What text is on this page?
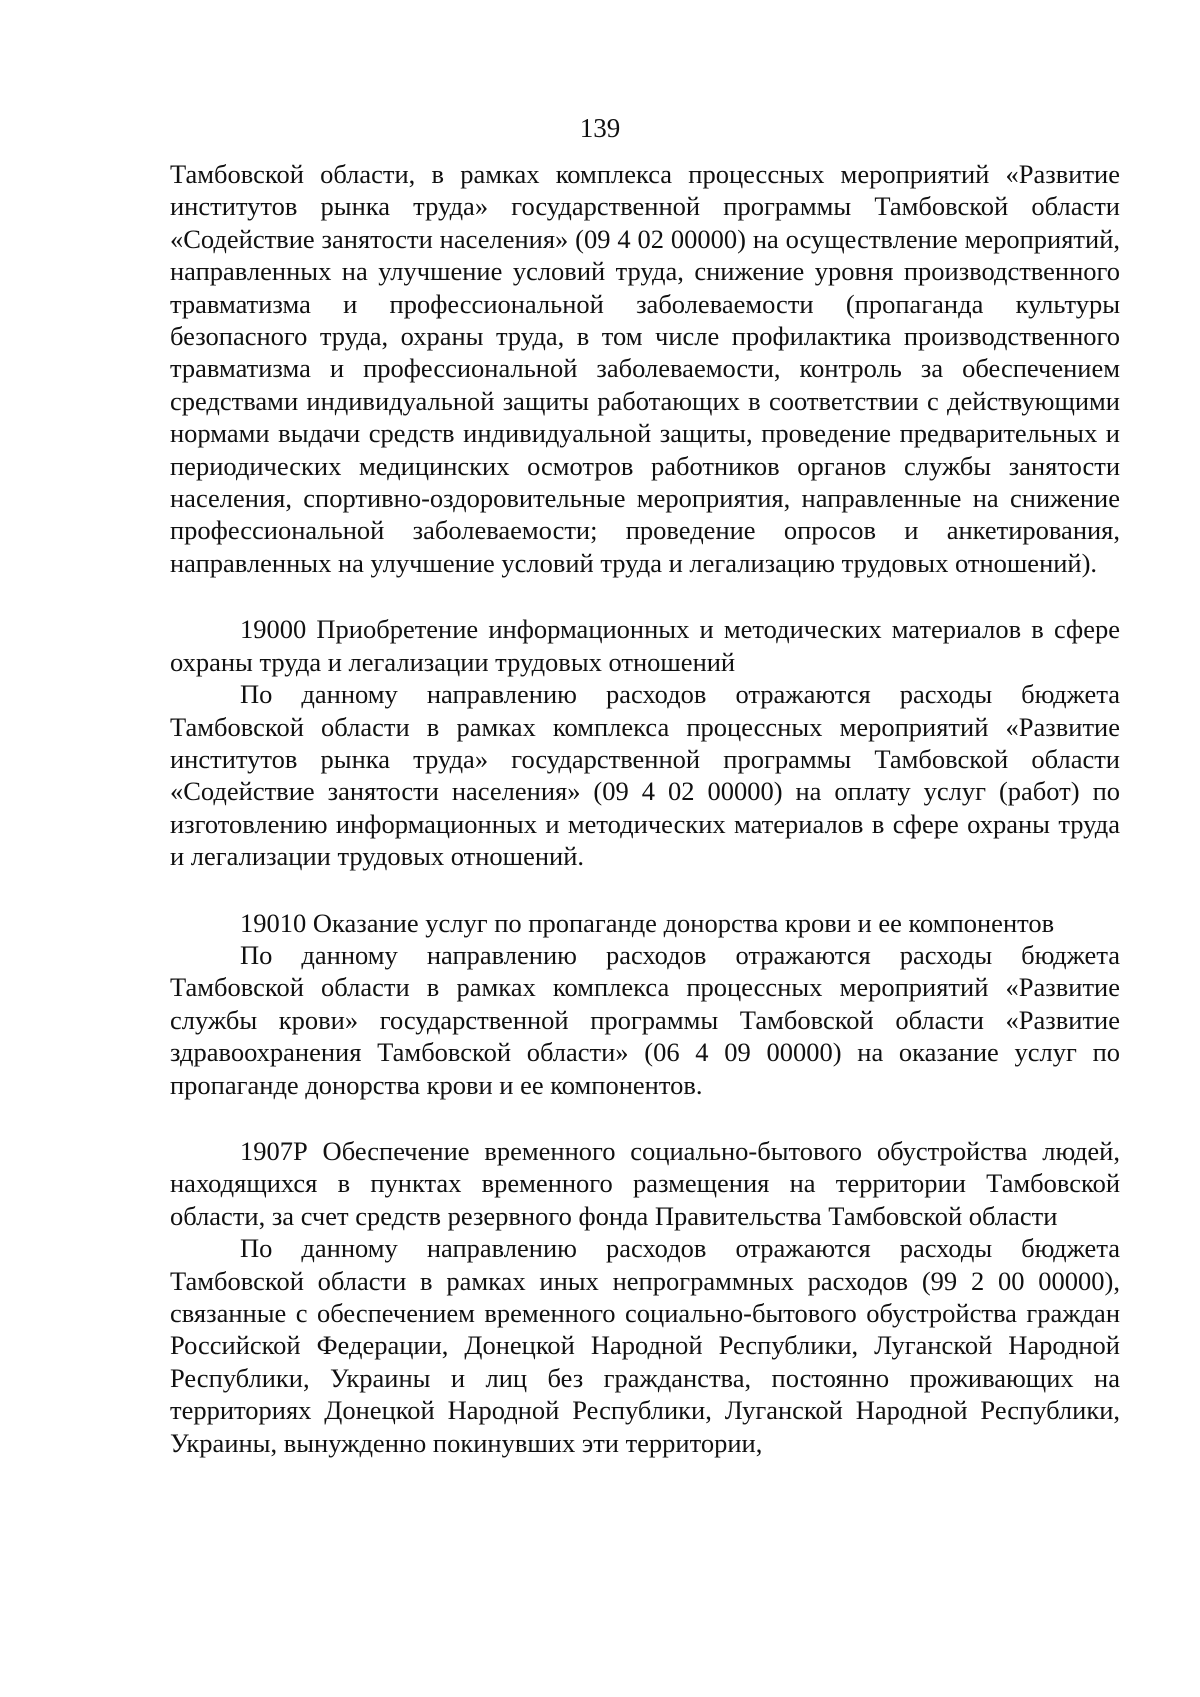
139

Тамбовской области, в рамках комплекса процессных мероприятий «Развитие институтов рынка труда» государственной программы Тамбовской области «Содействие занятости населения» (09 4 02 00000) на осуществление мероприятий, направленных на улучшение условий труда, снижение уровня производственного травматизма и профессиональной заболеваемости (пропаганда культуры безопасного труда, охраны труда, в том числе профилактика производственного травматизма и профессиональной заболеваемости, контроль за обеспечением средствами индивидуальной защиты работающих в соответствии с действующими нормами выдачи средств индивидуальной защиты, проведение предварительных и периодических медицинских осмотров работников органов службы занятости населения, спортивно-оздоровительные мероприятия, направленные на снижение профессиональной заболеваемости; проведение опросов и анкетирования, направленных на улучшение условий труда и легализацию трудовых отношений).

19000 Приобретение информационных и методических материалов в сфере охраны труда и легализации трудовых отношений

По данному направлению расходов отражаются расходы бюджета Тамбовской области в рамках комплекса процессных мероприятий «Развитие институтов рынка труда» государственной программы Тамбовской области «Содействие занятости населения» (09 4 02 00000) на оплату услуг (работ) по изготовлению информационных и методических материалов в сфере охраны труда и легализации трудовых отношений.

19010 Оказание услуг по пропаганде донорства крови и ее компонентов

По данному направлению расходов отражаются расходы бюджета Тамбовской области в рамках комплекса процессных мероприятий «Развитие службы крови» государственной программы Тамбовской области «Развитие здравоохранения Тамбовской области» (06 4 09 00000) на оказание услуг по пропаганде донорства крови и ее компонентов.

1907Р Обеспечение временного социально-бытового обустройства людей, находящихся в пунктах временного размещения на территории Тамбовской области, за счет средств резервного фонда Правительства Тамбовской области

По данному направлению расходов отражаются расходы бюджета Тамбовской области в рамках иных непрограммных расходов (99 2 00 00000), связанные с обеспечением временного социально-бытового обустройства граждан Российской Федерации, Донецкой Народной Республики, Луганской Народной Республики, Украины и лиц без гражданства, постоянно проживающих на территориях Донецкой Народной Республики, Луганской Народной Республики, Украины, вынужденно покинувших эти территории,
